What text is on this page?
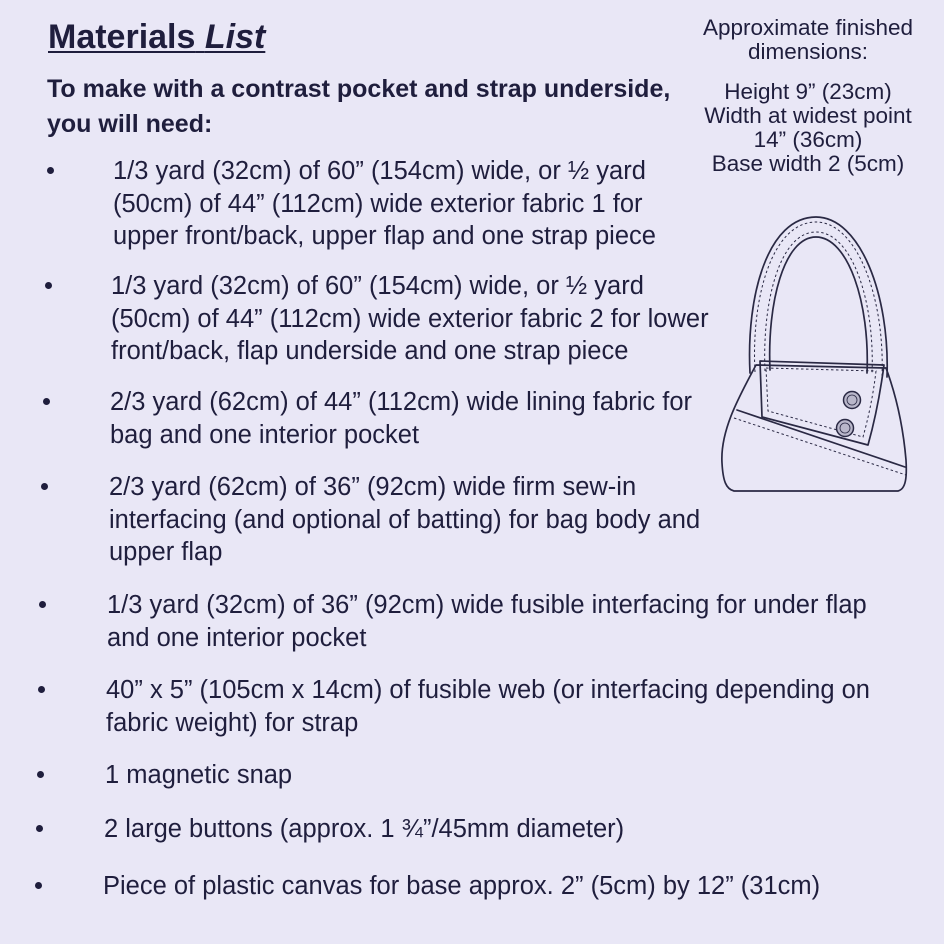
Materials List
To make with a contrast pocket and strap underside,
you will need:
Approximate finished
dimensions:
Height 9” (23cm)
Width at widest point
14” (36cm)
Base width 2 (5cm)
1/3 yard (32cm) of 60” (154cm) wide, or ½ yard
(50cm) of 44” (112cm) wide exterior fabric 1 for
upper front/back, upper flap and one strap piece
1/3 yard (32cm) of 60” (154cm) wide, or ½ yard
(50cm) of 44” (112cm) wide exterior fabric 2 for lower
front/back, flap underside and one strap piece
2/3 yard (62cm) of 44” (112cm) wide lining fabric for
bag and one interior pocket
2/3 yard (62cm) of 36” (92cm) wide firm sew-in
interfacing (and optional of batting) for bag body and
upper flap
1/3 yard (32cm) of 36” (92cm) wide fusible interfacing for under flap
and one interior pocket
40” x 5” (105cm x 14cm) of fusible web (or interfacing depending on
fabric weight) for strap
1 magnetic snap
2 large buttons (approx. 1 ¾”/45mm diameter)
Piece of plastic canvas for base approx. 2” (5cm) by 12” (31cm)
